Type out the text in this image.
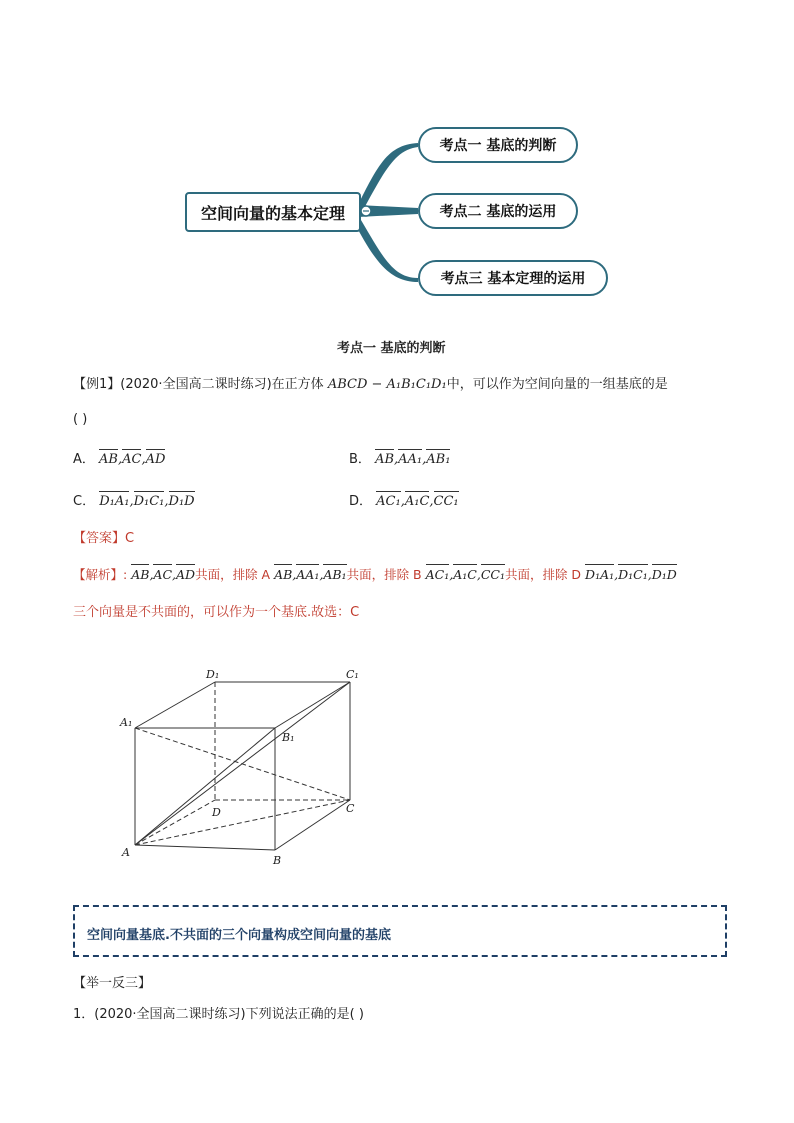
空间向量的基本定理
考点一 基底的判断
考点二 基底的运用
考点三 基本定理的运用
考点一 基底的判断
【例1】(2020·全国高二课时练习)在正方体 ABCD − A₁B₁C₁D₁中，可以作为空间向量的一组基底的是
( )
A． AB,AC,AD	B． AB,AA₁,AB₁
C． D₁A₁,D₁C₁,D₁D	D． AC₁,A₁C,CC₁
【答案】C
【解析】: AB,AC,AD共面，排除 A AB,AA₁,AB₁共面，排除 B AC₁,A₁C,CC₁共面，排除 D D₁A₁,D₁C₁,D₁D
三个向量是不共面的，可以作为一个基底.故选：C
D₁	C₁
A₁
B₁
D	C
A
B
空间向量基底.不共面的三个向量构成空间向量的基底
【举一反三】
1．(2020·全国高二课时练习)下列说法正确的是( )
